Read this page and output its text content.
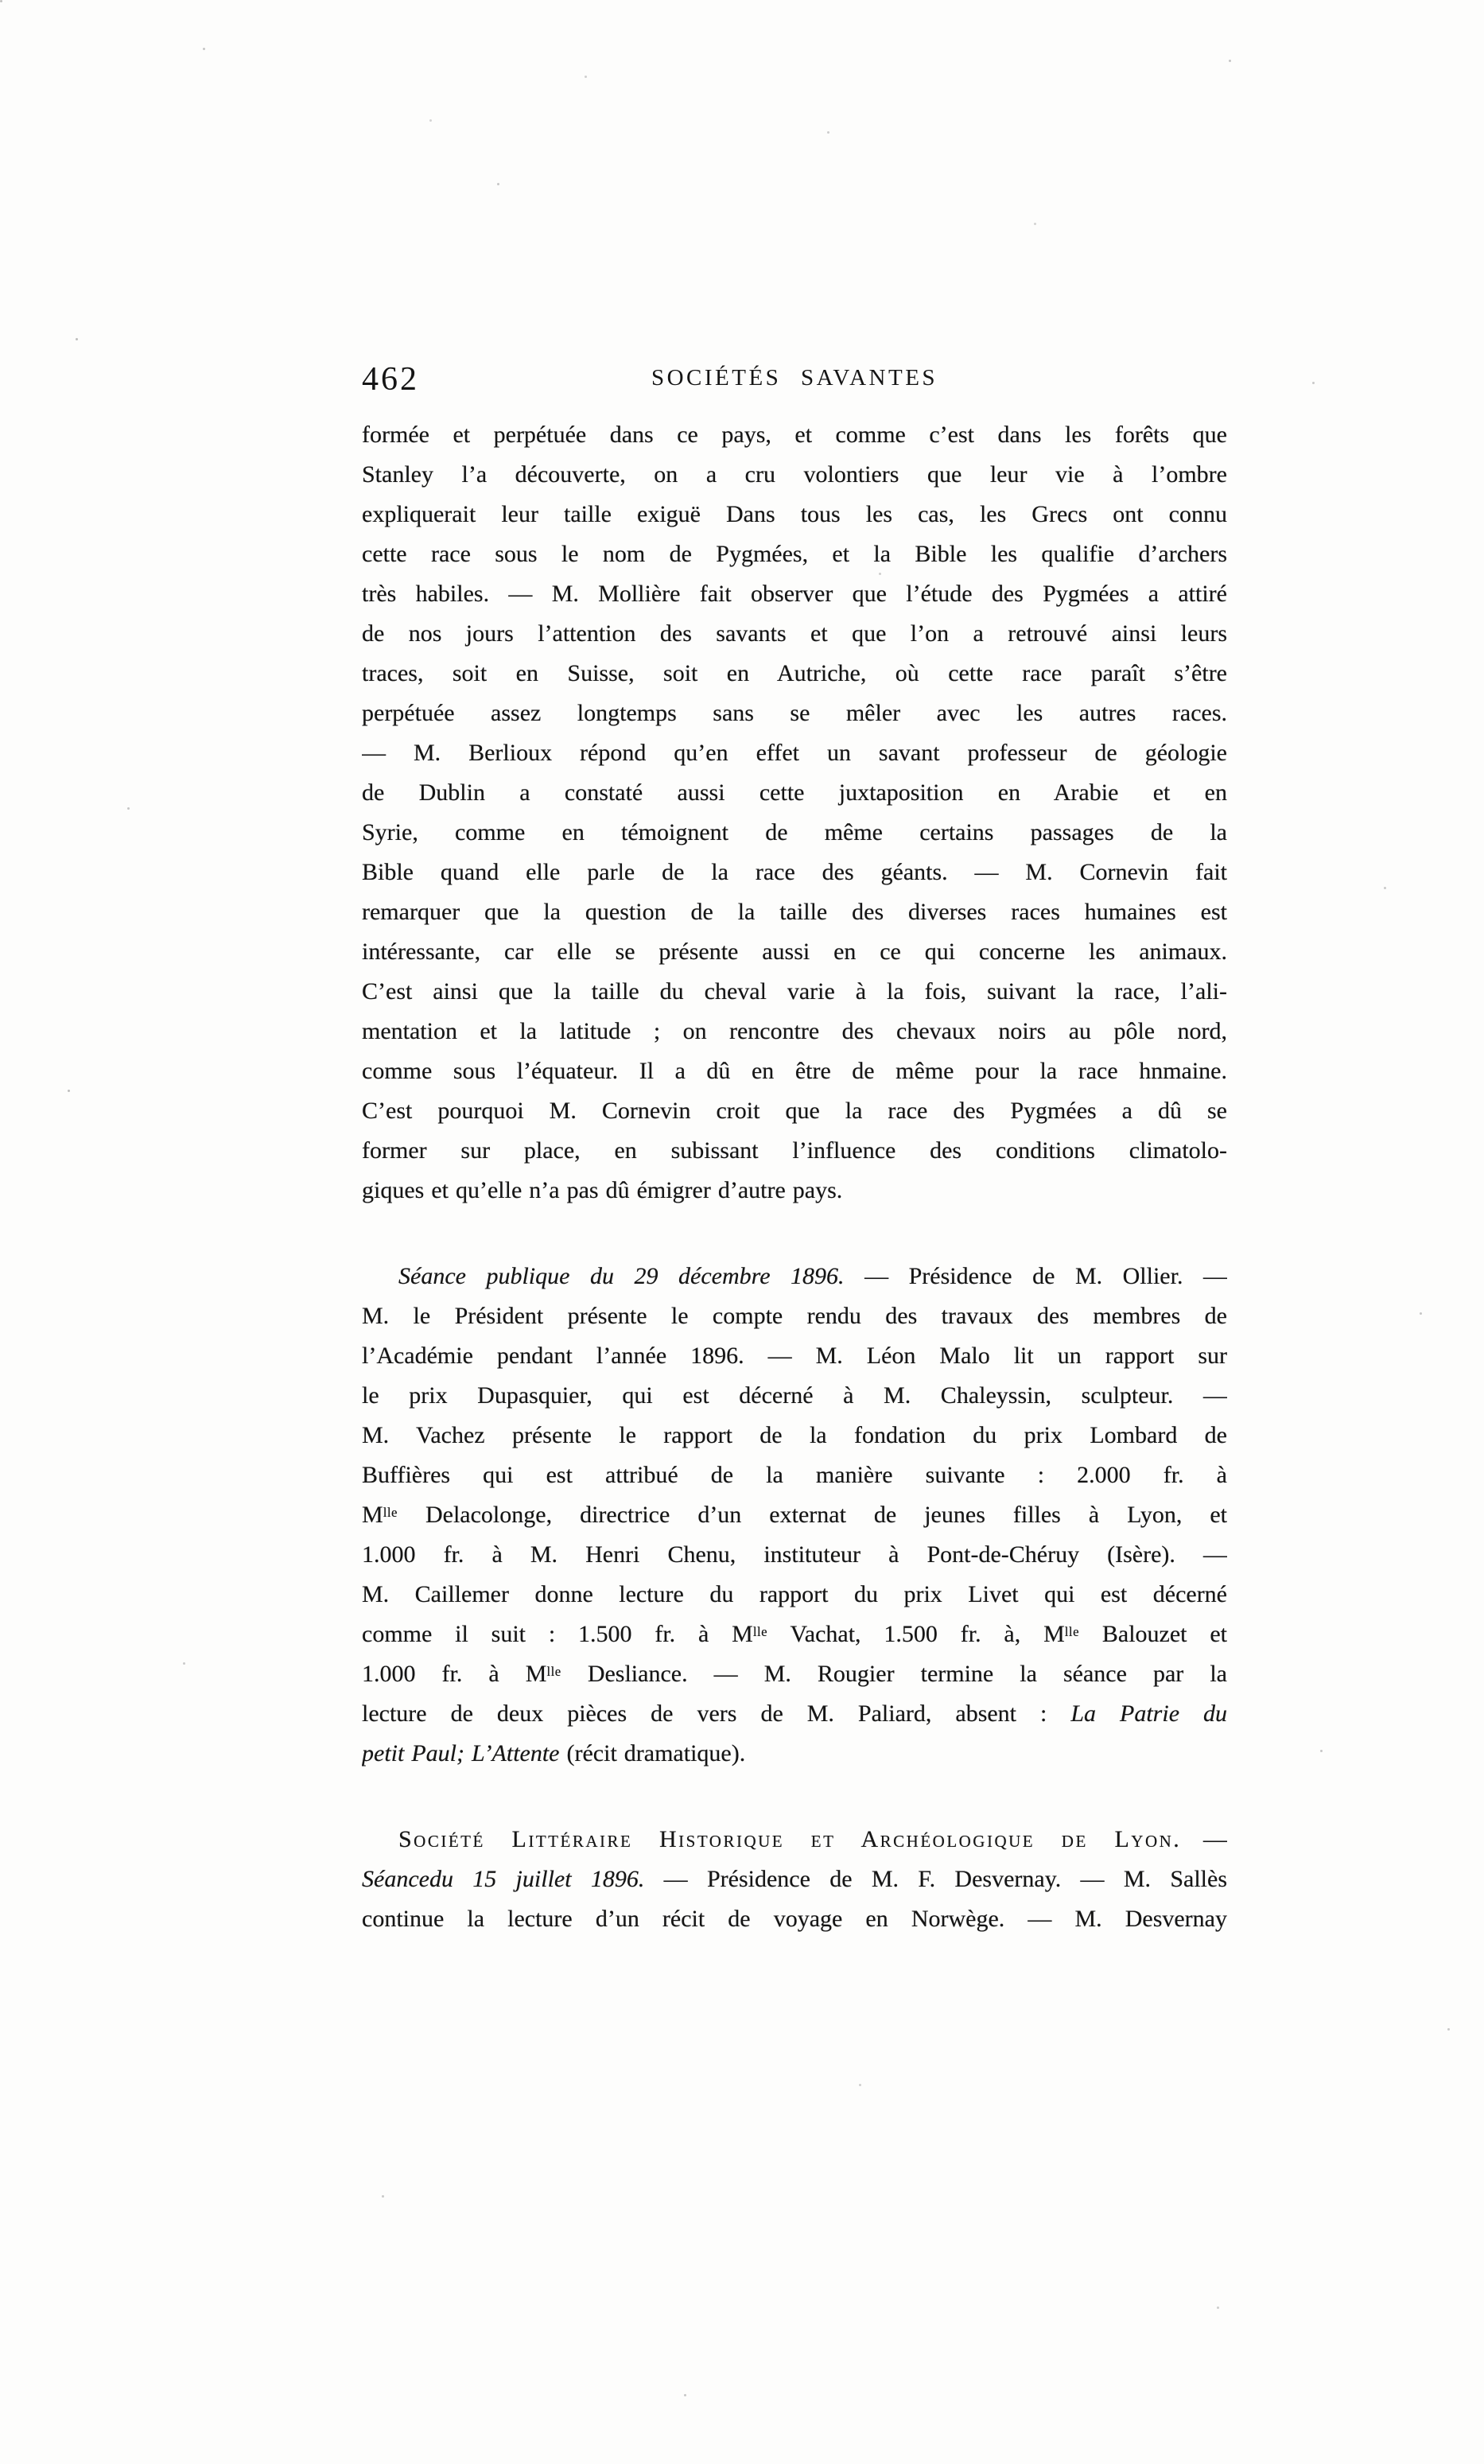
462	SOCIÉTÉS SAVANTES

formée et perpétuée dans ce pays, et comme c’est dans les forêts que
Stanley l’a découverte, on a cru volontiers que leur vie à l’ombre
expliquerait leur taille exiguë Dans tous les cas, les Grecs ont connu
cette race sous le nom de Pygmées, et la Bible les qualifie d’archers
très habiles. — M. Mollière fait observer que l’étude des Pygmées a attiré
de nos jours l’attention des savants et que l’on a retrouvé ainsi leurs
traces, soit en Suisse, soit en Autriche, où cette race paraît s’être
perpétuée assez longtemps sans se mêler avec les autres races.
— M. Berlioux répond qu’en effet un savant professeur de géologie
de Dublin a constaté aussi cette juxtaposition en Arabie et en
Syrie, comme en témoignent de même certains passages de la
Bible quand elle parle de la race des géants. — M. Cornevin fait
remarquer que la question de la taille des diverses races humaines est
intéressante, car elle se présente aussi en ce qui concerne les animaux.
C’est ainsi que la taille du cheval varie à la fois, suivant la race, l’ali-
mentation et la latitude ; on rencontre des chevaux noirs au pôle nord,
comme sous l’équateur. Il a dû en être de même pour la race hnmaine.
C’est pourquoi M. Cornevin croit que la race des Pygmées a dû se
former sur place, en subissant l’influence des conditions climatolo-
giques et qu’elle n’a pas dû émigrer d’autre pays.

Séance publique du 29 décembre 1896. — Présidence de M. Ollier. —
M. le Président présente le compte rendu des travaux des membres de
l’Académie pendant l’année 1896. — M. Léon Malo lit un rapport sur
le prix Dupasquier, qui est décerné à M. Chaleyssin, sculpteur. —
M. Vachez présente le rapport de la fondation du prix Lombard de
Buffières qui est attribué de la manière suivante : 2.000 fr. à
$M^{lle}$ Delacolonge, directrice d’un externat de jeunes filles à Lyon, et
1.000 fr. à M. Henri Chenu, instituteur à Pont-de-Chéruy (Isère). —
M. Caillemer donne lecture du rapport du prix Livet qui est décerné
comme il suit : 1.500 fr. à $M^{lle}$ Vachat, 1.500 fr. à, $M^{lle}$ Balouzet et
1.000 fr. à $M^{lle}$ Desliance. — M. Rougier termine la séance par la
lecture de deux pièces de vers de M. Paliard, absent : La Patrie du
petit Paul; L’Attente (récit dramatique).

Société Littéraire Historique et Archéologique de Lyon. —
Séancedu 15 juillet 1896. — Présidence de M. F. Desvernay. — M. Sallès
continue la lecture d’un récit de voyage en Norwège. — M. Desvernay
